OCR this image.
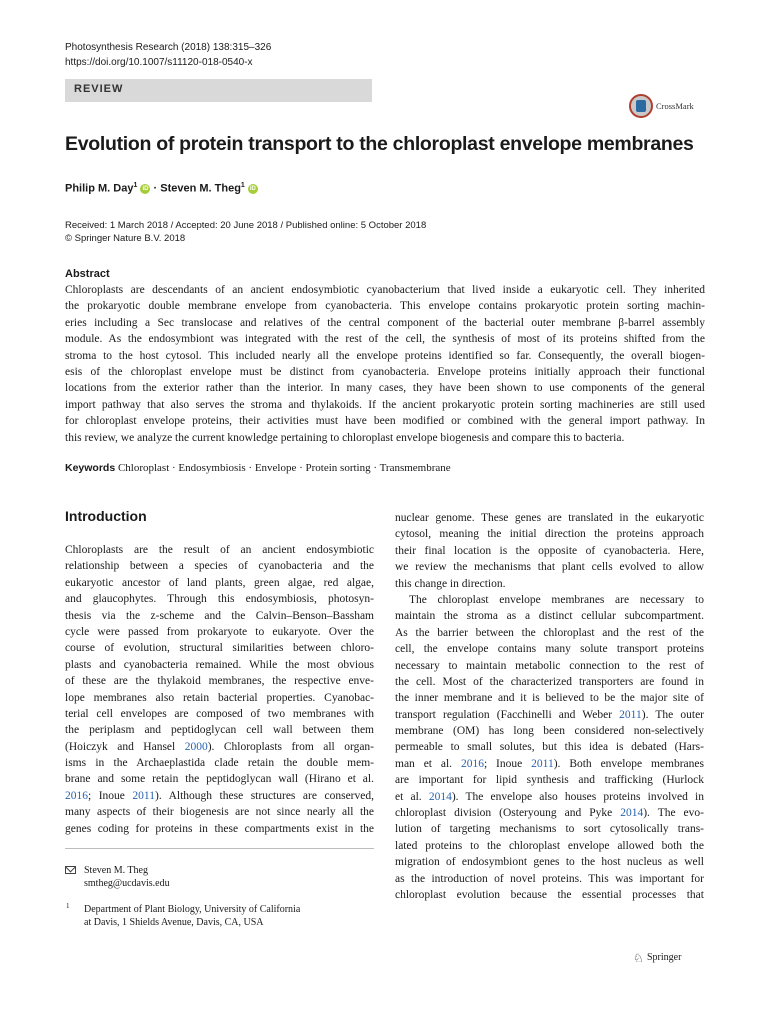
Photosynthesis Research (2018) 138:315–326
https://doi.org/10.1007/s11120-018-0540-x
REVIEW
CrossMark
Evolution of protein transport to the chloroplast envelope membranes
Philip M. Day$^1$ iD · Steven M. Theg$^1$ iD
Received: 1 March 2018 / Accepted: 20 June 2018 / Published online: 5 October 2018
© Springer Nature B.V. 2018
Abstract
Chloroplasts are descendants of an ancient endosymbiotic cyanobacterium that lived inside a eukaryotic cell. They inherited
the prokaryotic double membrane envelope from cyanobacteria. This envelope contains prokaryotic protein sorting machin-
eries including a Sec translocase and relatives of the central component of the bacterial outer membrane β-barrel assembly
module. As the endosymbiont was integrated with the rest of the cell, the synthesis of most of its proteins shifted from the
stroma to the host cytosol. This included nearly all the envelope proteins identified so far. Consequently, the overall biogen-
esis of the chloroplast envelope must be distinct from cyanobacteria. Envelope proteins initially approach their functional
locations from the exterior rather than the interior. In many cases, they have been shown to use components of the general
import pathway that also serves the stroma and thylakoids. If the ancient prokaryotic protein sorting machineries are still used
for chloroplast envelope proteins, their activities must have been modified or combined with the general import pathway. In
this review, we analyze the current knowledge pertaining to chloroplast envelope biogenesis and compare this to bacteria.
Keywords Chloroplast · Endosymbiosis · Envelope · Protein sorting · Transmembrane
Introduction
Chloroplasts are the result of an ancient endosymbiotic
relationship between a species of cyanobacteria and the
eukaryotic ancestor of land plants, green algae, red algae,
and glaucophytes. Through this endosymbiosis, photosyn-
thesis via the z-scheme and the Calvin–Benson–Bassham
cycle were passed from prokaryote to eukaryote. Over the
course of evolution, structural similarities between chloro-
plasts and cyanobacteria remained. While the most obvious
of these are the thylakoid membranes, the respective enve-
lope membranes also retain bacterial properties. Cyanobac-
terial cell envelopes are composed of two membranes with
the periplasm and peptidoglycan cell wall between them
(Hoiczyk and Hansel 2000). Chloroplasts from all organ-
isms in the Archaeplastida clade retain the double mem-
brane and some retain the peptidoglycan wall (Hirano et al.
2016; Inoue 2011). Although these structures are conserved,
many aspects of their biogenesis are not since nearly all the
genes coding for proteins in these compartments exist in the
nuclear genome. These genes are translated in the eukaryotic
cytosol, meaning the initial direction the proteins approach
their final location is the opposite of cyanobacteria. Here,
we review the mechanisms that plant cells evolved to allow
this change in direction.
The chloroplast envelope membranes are necessary to
maintain the stroma as a distinct cellular subcompartment.
As the barrier between the chloroplast and the rest of the
cell, the envelope contains many solute transport proteins
necessary to maintain metabolic connection to the rest of
the cell. Most of the characterized transporters are found in
the inner membrane and it is believed to be the major site of
transport regulation (Facchinelli and Weber 2011). The outer
membrane (OM) has long been considered non-selectively
permeable to small solutes, but this idea is debated (Hars-
man et al. 2016; Inoue 2011). Both envelope membranes
are important for lipid synthesis and trafficking (Hurlock
et al. 2014). The envelope also houses proteins involved in
chloroplast division (Osteryoung and Pyke 2014). The evo-
lution of targeting mechanisms to sort cytosolically trans-
lated proteins to the chloroplast envelope allowed both the
migration of endosymbiont genes to the host nucleus as well
as the introduction of novel proteins. This was important for
chloroplast evolution because the essential processes that
Steven M. Theg
smtheg@ucdavis.edu
1 Department of Plant Biology, University of California
at Davis, 1 Shields Avenue, Davis, CA, USA
♘ Springer
